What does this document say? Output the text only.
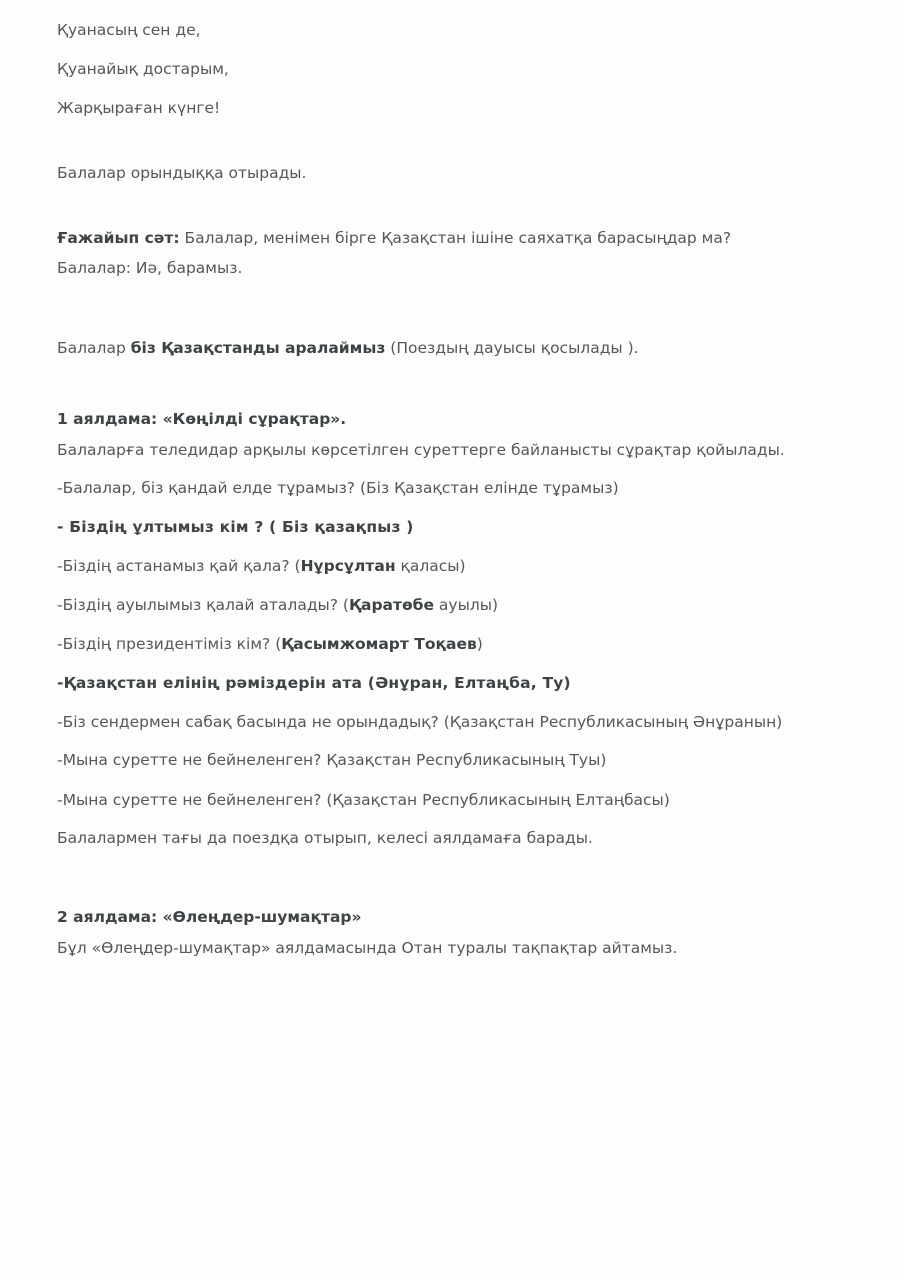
Қуанасың сен де,

Қуанайық достарым,

Жарқыраған күнге!

Балалар орындыққа отырады.

Ғажайып сәт: Балалар, менімен бірге Қазақстан ішіне саяхатқа барасыңдар ма?

Балалар: Иә, барамыз.

Балалар біз Қазақстанды аралаймыз (Поездың дауысы қосылады ).

1 аялдама: «Көңілді сұрақтар».

Балаларға теледидар арқылы көрсетілген суреттерге байланысты сұрақтар қойылады.

-Балалар, біз қандай елде тұрамыз? (Біз Қазақстан елінде тұрамыз)

- Біздің ұлтымыз кім ? ( Біз қазақпыз )

-Біздің астанамыз қай қала? (Нұрсұлтан қаласы)

-Біздің ауылымыз қалай аталады? (Қаратөбе ауылы)

-Біздің президентіміз кім? (Қасымжомарт Тоқаев)

-Қазақстан елінің рәміздерін ата (Әнұран, Елтаңба, Ту)

-Біз сендермен сабақ басында не орындадық? (Қазақстан Республикасының Әнұранын)

-Мына суретте не бейнеленген? Қазақстан Республикасының Туы)

-Мына суретте не бейнеленген? (Қазақстан Республикасының Елтаңбасы)

Балалармен тағы да поездқа отырып, келесі аялдамаға барады.

2 аялдама: «Өлеңдер-шумақтар»

Бұл «Өлеңдер-шумақтар» аялдамасында Отан туралы тақпақтар айтамыз.
